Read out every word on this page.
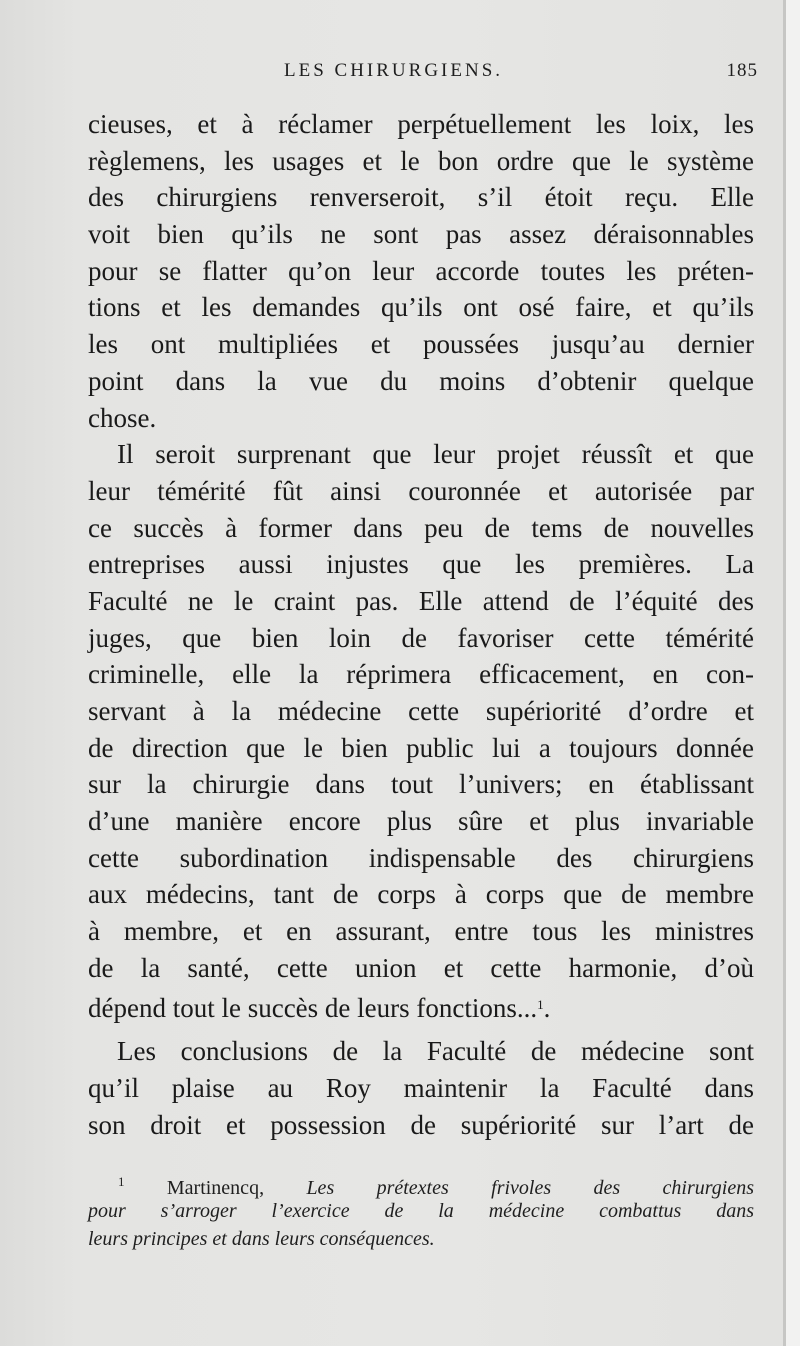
LES CHIRURGIENS.	185
cieuses, et à réclamer perpétuellement les loix, les
règlemens, les usages et le bon ordre que le système
des chirurgiens renverseroit, s’il étoit reçu. Elle
voit bien qu’ils ne sont pas assez déraisonnables
pour se flatter qu’on leur accorde toutes les préten-
tions et les demandes qu’ils ont osé faire, et qu’ils
les ont multipliées et poussées jusqu’au dernier
point dans la vue du moins d’obtenir quelque
chose.
Il seroit surprenant que leur projet réussît et que
leur témérité fût ainsi couronnée et autorisée par
ce succès à former dans peu de tems de nouvelles
entreprises aussi injustes que les premières. La
Faculté ne le craint pas. Elle attend de l’équité des
juges, que bien loin de favoriser cette témérité
criminelle, elle la réprimera efficacement, en con-
servant à la médecine cette supériorité d’ordre et
de direction que le bien public lui a toujours donnée
sur la chirurgie dans tout l’univers; en établissant
d’une manière encore plus sûre et plus invariable
cette subordination indispensable des chirurgiens
aux médecins, tant de corps à corps que de membre
à membre, et en assurant, entre tous les ministres
de la santé, cette union et cette harmonie, d’où
dépend tout le succès de leurs fonctions...$^1$.
Les conclusions de la Faculté de médecine sont
qu’il plaise au Roy maintenir la Faculté dans
son droit et possession de supériorité sur l’art de
$^1$ Martinencq, Les prétextes frivoles des chirurgiens
pour s’arroger l’exercice de la médecine combattus dans
leurs principes et dans leurs conséquences.
